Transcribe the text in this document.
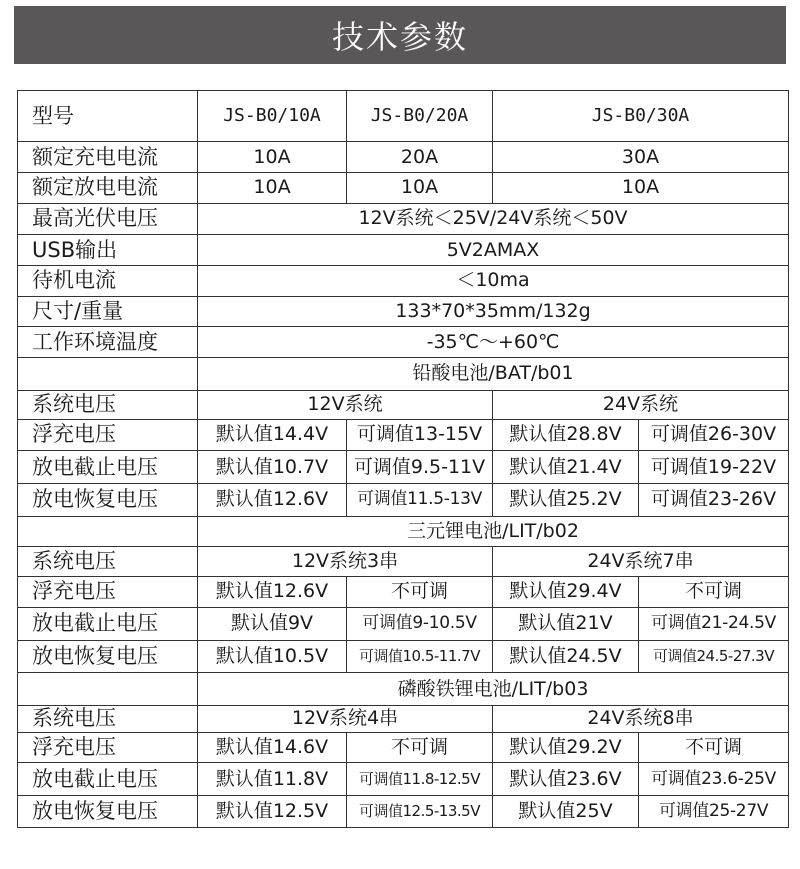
技术参数
型号	JS-B0/10A	JS-B0/20A	JS-B0/30A	
额定充电电流	10A	20A	30A	
额定放电电流	10A	10A	10A	
最高光伏电压	12V系统＜25V/24V系统＜50V			
USB输出	5V2AMAX			
待机电流	＜10ma			
尺寸/重量	133*70*35mm/132g			
工作环境温度	-35℃～+60℃			
	铅酸电池/BAT/b01			
系统电压	12V系统		24V系统	
浮充电压	默认值14.4V	可调值13-15V	默认值28.8V	可调值26-30V
放电截止电压	默认值10.7V	可调值9.5-11V	默认值21.4V	可调值19-22V
放电恢复电压	默认值12.6V	可调值11.5-13V	默认值25.2V	可调值23-26V
	三元锂电池/LIT/b02			
系统电压	12V系统3串		24V系统7串	
浮充电压	默认值12.6V	不可调	默认值29.4V	不可调
放电截止电压	默认值9V	可调值9-10.5V	默认值21V	可调值21-24.5V
放电恢复电压	默认值10.5V	可调值10.5-11.7V	默认值24.5V	可调值24.5-27.3V
	磷酸铁锂电池/LIT/b03			
系统电压	12V系统4串		24V系统8串	
浮充电压	默认值14.6V	不可调	默认值29.2V	不可调
放电截止电压	默认值11.8V	可调值11.8-12.5V	默认值23.6V	可调值23.6-25V
放电恢复电压	默认值12.5V	可调值12.5-13.5V	默认值25V	可调值25-27V
